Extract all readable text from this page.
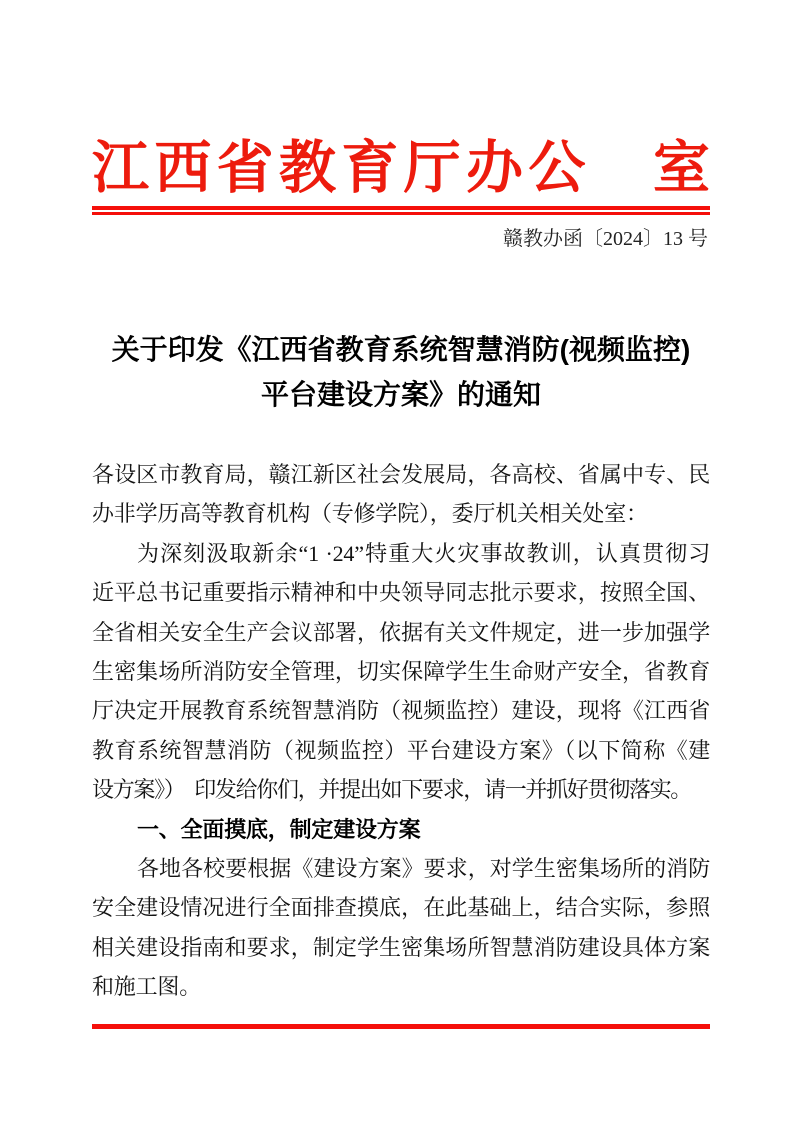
江西省教育厅办公　室
赣教办函〔2024〕13 号
关于印发《江西省教育系统智慧消防(视频监控)
平台建设方案》的通知

各设区市教育局，赣江新区社会发展局，各高校、省属中专、民

办非学历高等教育机构（专修学院），委厅机关相关处室：

为深刻汲取新余“1 ·24”特重大火灾事故教训，认真贯彻习

近平总书记重要指示精神和中央领导同志批示要求，按照全国、

全省相关安全生产会议部署，依据有关文件规定，进一步加强学

生密集场所消防安全管理，切实保障学生生命财产安全，省教育

厅决定开展教育系统智慧消防（视频监控）建设，现将《江西省

教育系统智慧消防（视频监控）平台建设方案》（以下简称《建

设方案》）　印发给你们，并提出如下要求，请一并抓好贯彻落实。

一、全面摸底，制定建设方案

各地各校要根据《建设方案》要求，对学生密集场所的消防

安全建设情况进行全面排查摸底，在此基础上，结合实际，参照

相关建设指南和要求，制定学生密集场所智慧消防建设具体方案

和施工图。
